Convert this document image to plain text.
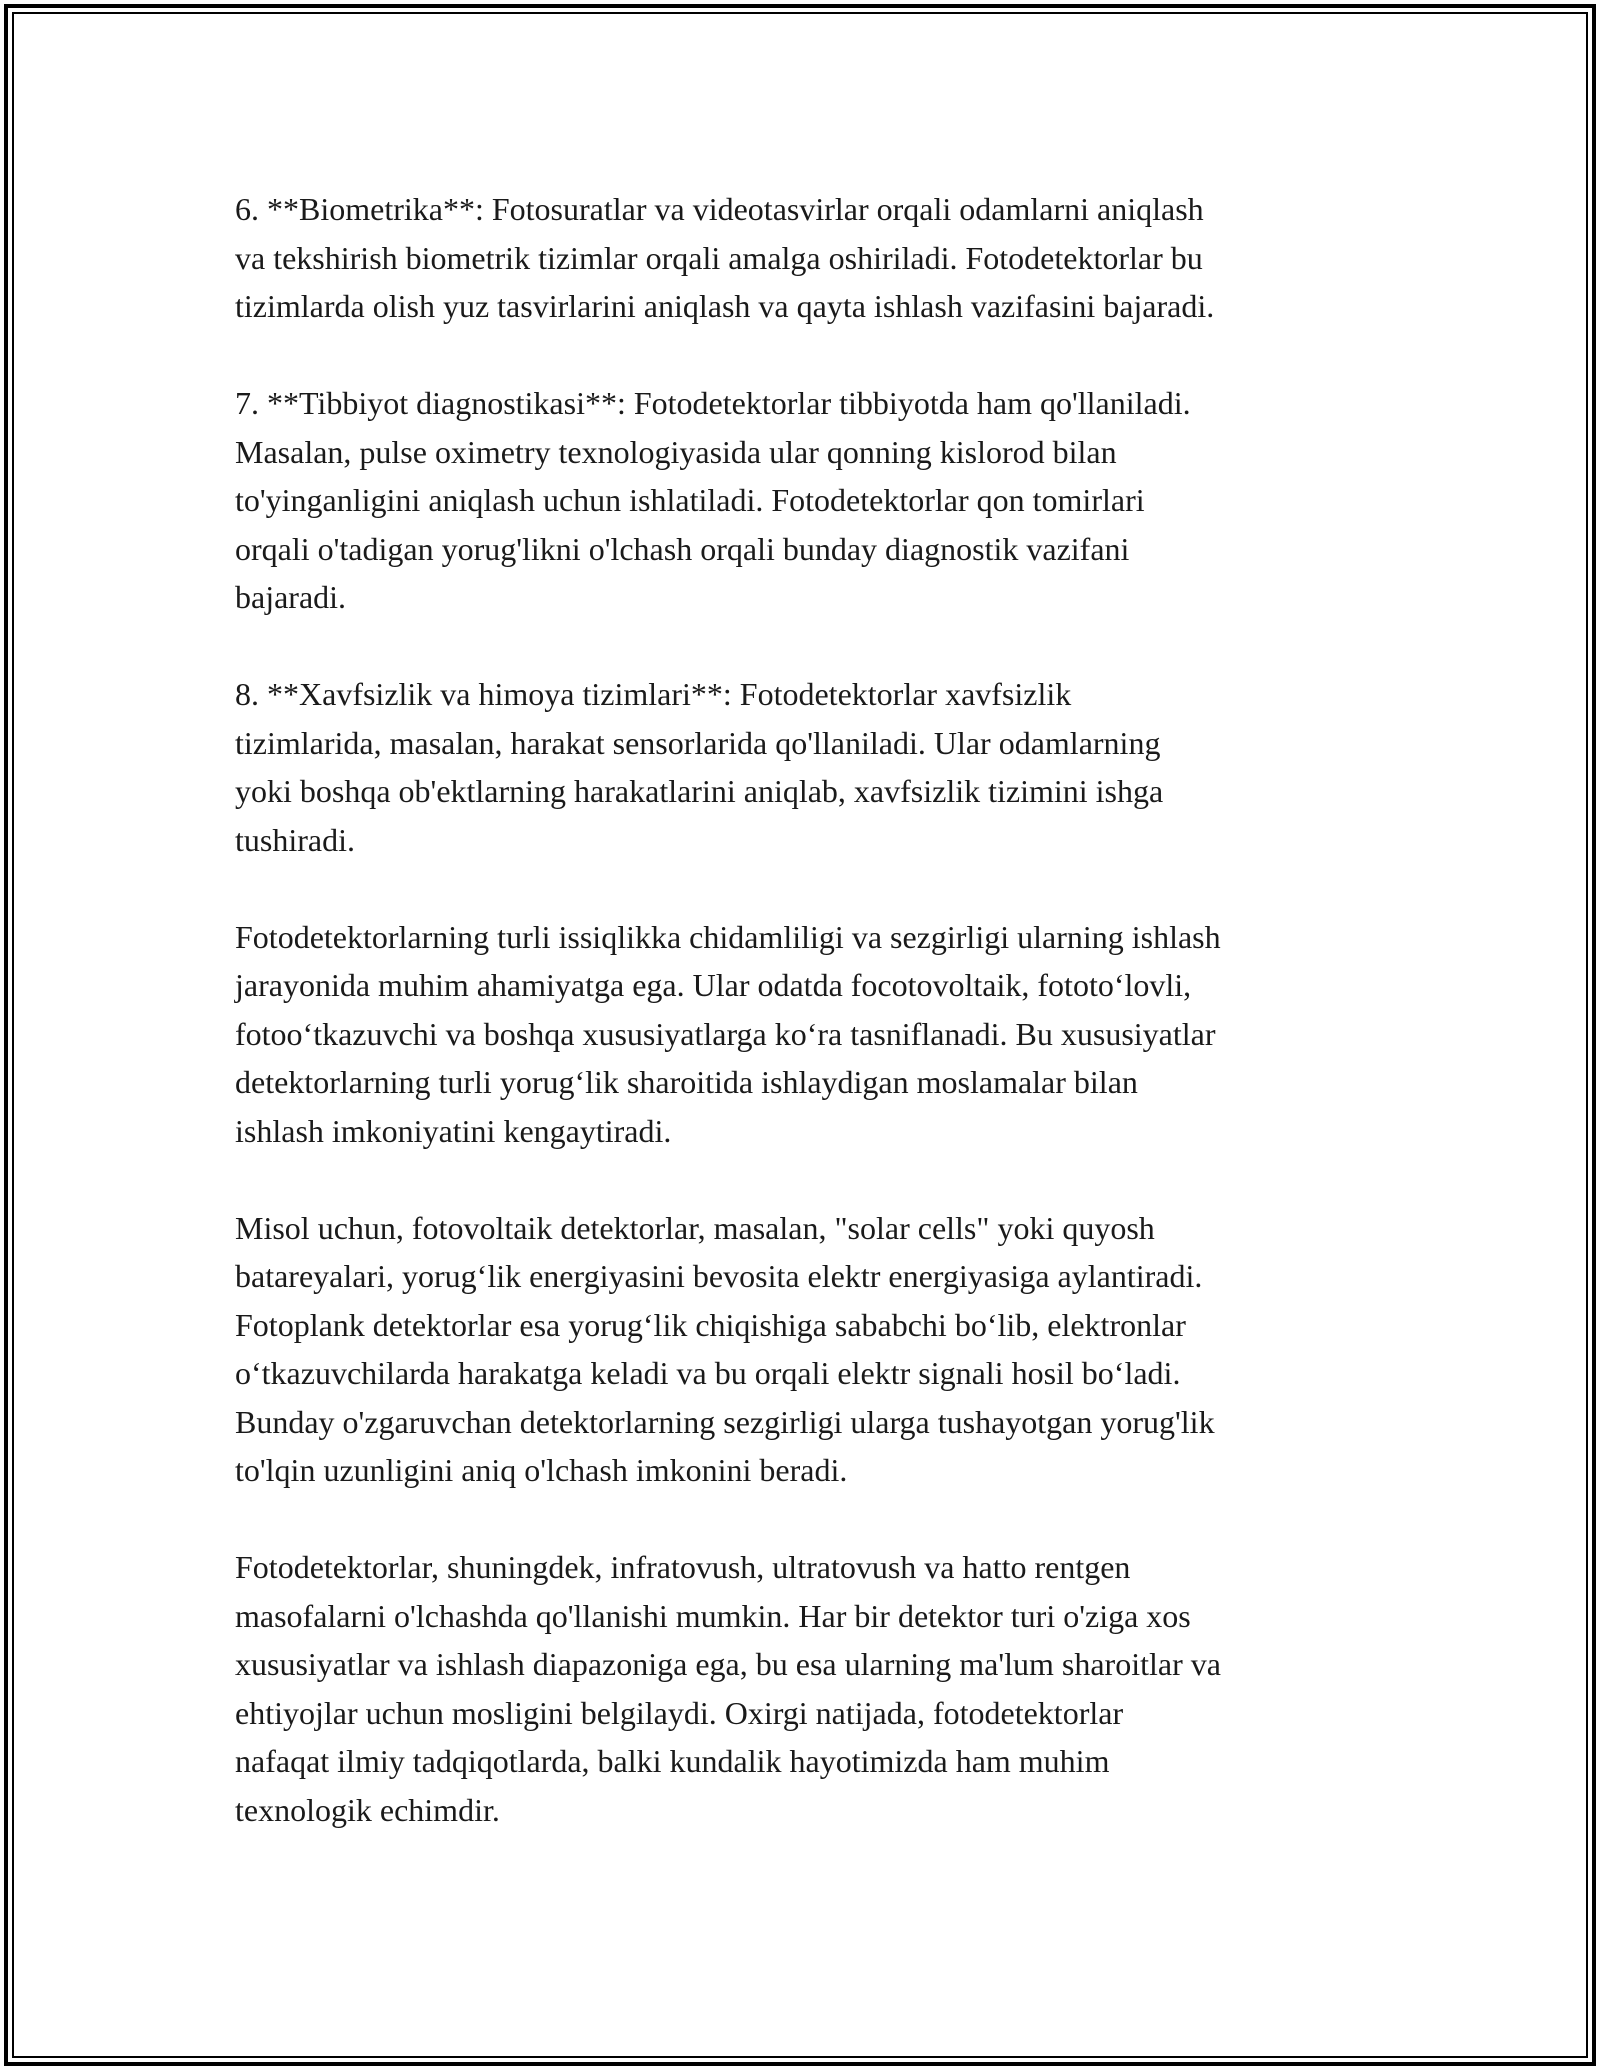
6. **Biometrika**: Fotosuratlar va videotasvirlar orqali odamlarni aniqlash
va tekshirish biometrik tizimlar orqali amalga oshiriladi. Fotodetektorlar bu
tizimlarda olish yuz tasvirlarini aniqlash va qayta ishlash vazifasini bajaradi.

7. **Tibbiyot diagnostikasi**: Fotodetektorlar tibbiyotda ham qo'llaniladi.
Masalan, pulse oximetry texnologiyasida ular qonning kislorod bilan
to'yinganligini aniqlash uchun ishlatiladi. Fotodetektorlar qon tomirlari
orqali o'tadigan yorug'likni o'lchash orqali bunday diagnostik vazifani
bajaradi.

8. **Xavfsizlik va himoya tizimlari**: Fotodetektorlar xavfsizlik
tizimlarida, masalan, harakat sensorlarida qo'llaniladi. Ular odamlarning
yoki boshqa ob'ektlarning harakatlarini aniqlab, xavfsizlik tizimini ishga
tushiradi.

Fotodetektorlarning turli issiqlikka chidamliligi va sezgirligi ularning ishlash
jarayonida muhim ahamiyatga ega. Ular odatda focotovoltaik, fototo‘lovli,
fotoo‘tkazuvchi va boshqa xususiyatlarga ko‘ra tasniflanadi. Bu xususiyatlar
detektorlarning turli yorug‘lik sharoitida ishlaydigan moslamalar bilan
ishlash imkoniyatini kengaytiradi.

Misol uchun, fotovoltaik detektorlar, masalan, "solar cells" yoki quyosh
batareyalari, yorug‘lik energiyasini bevosita elektr energiyasiga aylantiradi.
Fotoplank detektorlar esa yorug‘lik chiqishiga sababchi bo‘lib, elektronlar
o‘tkazuvchilarda harakatga keladi va bu orqali elektr signali hosil bo‘ladi.
Bunday o'zgaruvchan detektorlarning sezgirligi ularga tushayotgan yorug'lik
to'lqin uzunligini aniq o'lchash imkonini beradi.

Fotodetektorlar, shuningdek, infratovush, ultratovush va hatto rentgen
masofalarni o'lchashda qo'llanishi mumkin. Har bir detektor turi o'ziga xos
xususiyatlar va ishlash diapazoniga ega, bu esa ularning ma'lum sharoitlar va
ehtiyojlar uchun mosligini belgilaydi. Oxirgi natijada, fotodetektorlar
nafaqat ilmiy tadqiqotlarda, balki kundalik hayotimizda ham muhim
texnologik echimdir.
